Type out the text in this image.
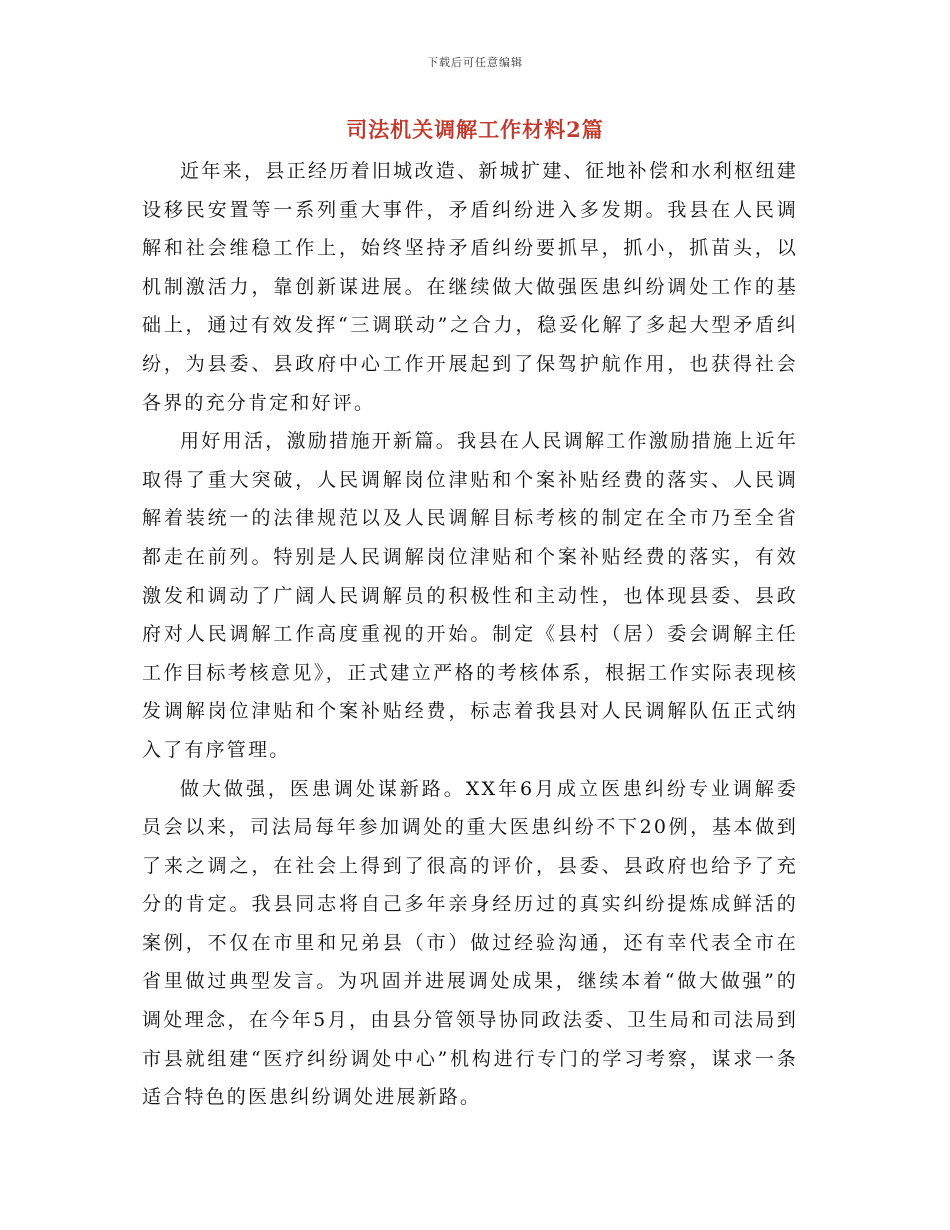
下载后可任意编辑
司法机关调解工作材料2篇

近年来，县正经历着旧城改造、新城扩建、征地补偿和水利枢纽建设移民安置等一系列重大事件，矛盾纠纷进入多发期。我县在人民调解和社会维稳工作上，始终坚持矛盾纠纷要抓早，抓小，抓苗头，以机制激活力，靠创新谋进展。在继续做大做强医患纠纷调处工作的基础上，通过有效发挥“三调联动”之合力，稳妥化解了多起大型矛盾纠纷，为县委、县政府中心工作开展起到了保驾护航作用，也获得社会各界的充分肯定和好评。

用好用活，激励措施开新篇。我县在人民调解工作激励措施上近年取得了重大突破，人民调解岗位津贴和个案补贴经费的落实、人民调解着装统一的法律规范以及人民调解目标考核的制定在全市乃至全省都走在前列。特别是人民调解岗位津贴和个案补贴经费的落实，有效激发和调动了广阔人民调解员的积极性和主动性，也体现县委、县政府对人民调解工作高度重视的开始。制定《县村（居）委会调解主任工作目标考核意见》，正式建立严格的考核体系，根据工作实际表现核发调解岗位津贴和个案补贴经费，标志着我县对人民调解队伍正式纳入了有序管理。

做大做强，医患调处谋新路。XX年6月成立医患纠纷专业调解委员会以来，司法局每年参加调处的重大医患纠纷不下20例，基本做到了来之调之，在社会上得到了很高的评价，县委、县政府也给予了充分的肯定。我县同志将自己多年亲身经历过的真实纠纷提炼成鲜活的案例，不仅在市里和兄弟县（市）做过经验沟通，还有幸代表全市在省里做过典型发言。为巩固并进展调处成果，继续本着“做大做强”的调处理念，在今年5月，由县分管领导协同政法委、卫生局和司法局到市县就组建“医疗纠纷调处中心”机构进行专门的学习考察，谋求一条适合特色的医患纠纷调处进展新路。
